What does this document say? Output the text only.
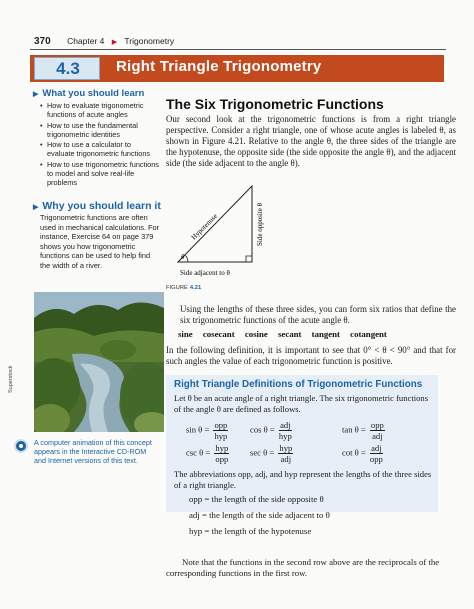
370 Chapter 4 ▶ Trigonometry
4.3	Right Triangle Trigonometry
▶ What you should learn
• How to evaluate trigonometric functions of acute angles
• How to use the fundamental trigonometric identities
• How to use a calculator to evaluate trigonometric functions
• How to use trigonometric functions to model and solve real-life problems
▶ Why you should learn it
Trigonometric functions are often used in mechanical calculations. For instance, Exercise 64 on page 379 shows you how trigonometric functions can be used to help find the width of a river.
Superstock
A computer animation of this concept appears in the Interactive CD-ROM and Internet versions of this text.
The Six Trigonometric Functions
Our second look at the trigonometric functions is from a right triangle perspective. Consider a right triangle, one of whose acute angles is labeled θ, as shown in Figure 4.21. Relative to the angle θ, the three sides of the triangle are the hypotenuse, the opposite side (the side opposite the angle θ), and the adjacent side (the side adjacent to the angle θ).
θ
Hypotenuse	Side opposite θ
Side adjacent to θ
FIGURE 4.21
Using the lengths of these three sides, you can form six ratios that define the six trigonometric functions of the acute angle θ.
sine cosecant cosine secant tangent cotangent
In the following definition, it is important to see that 0° < θ < 90° and that for such angles the value of each trigonometric function is positive.
Right Triangle Definitions of Trigonometric Functions
Let θ be an acute angle of a right triangle. The six trigonometric functions of the angle θ are defined as follows.
sin θ = opp
hyp
cos θ = adj
hyp
tan θ = opp
adj
csc θ = hyp
opp
sec θ = hyp
adj
cot θ = adj
opp
The abbreviations opp, adj, and hyp represent the lengths of the three sides of a right triangle.
opp = the length of the side opposite θ
adj = the length of the side adjacent to θ
hyp = the length of the hypotenuse
Note that the functions in the second row above are the reciprocals of the corresponding functions in the first row.
